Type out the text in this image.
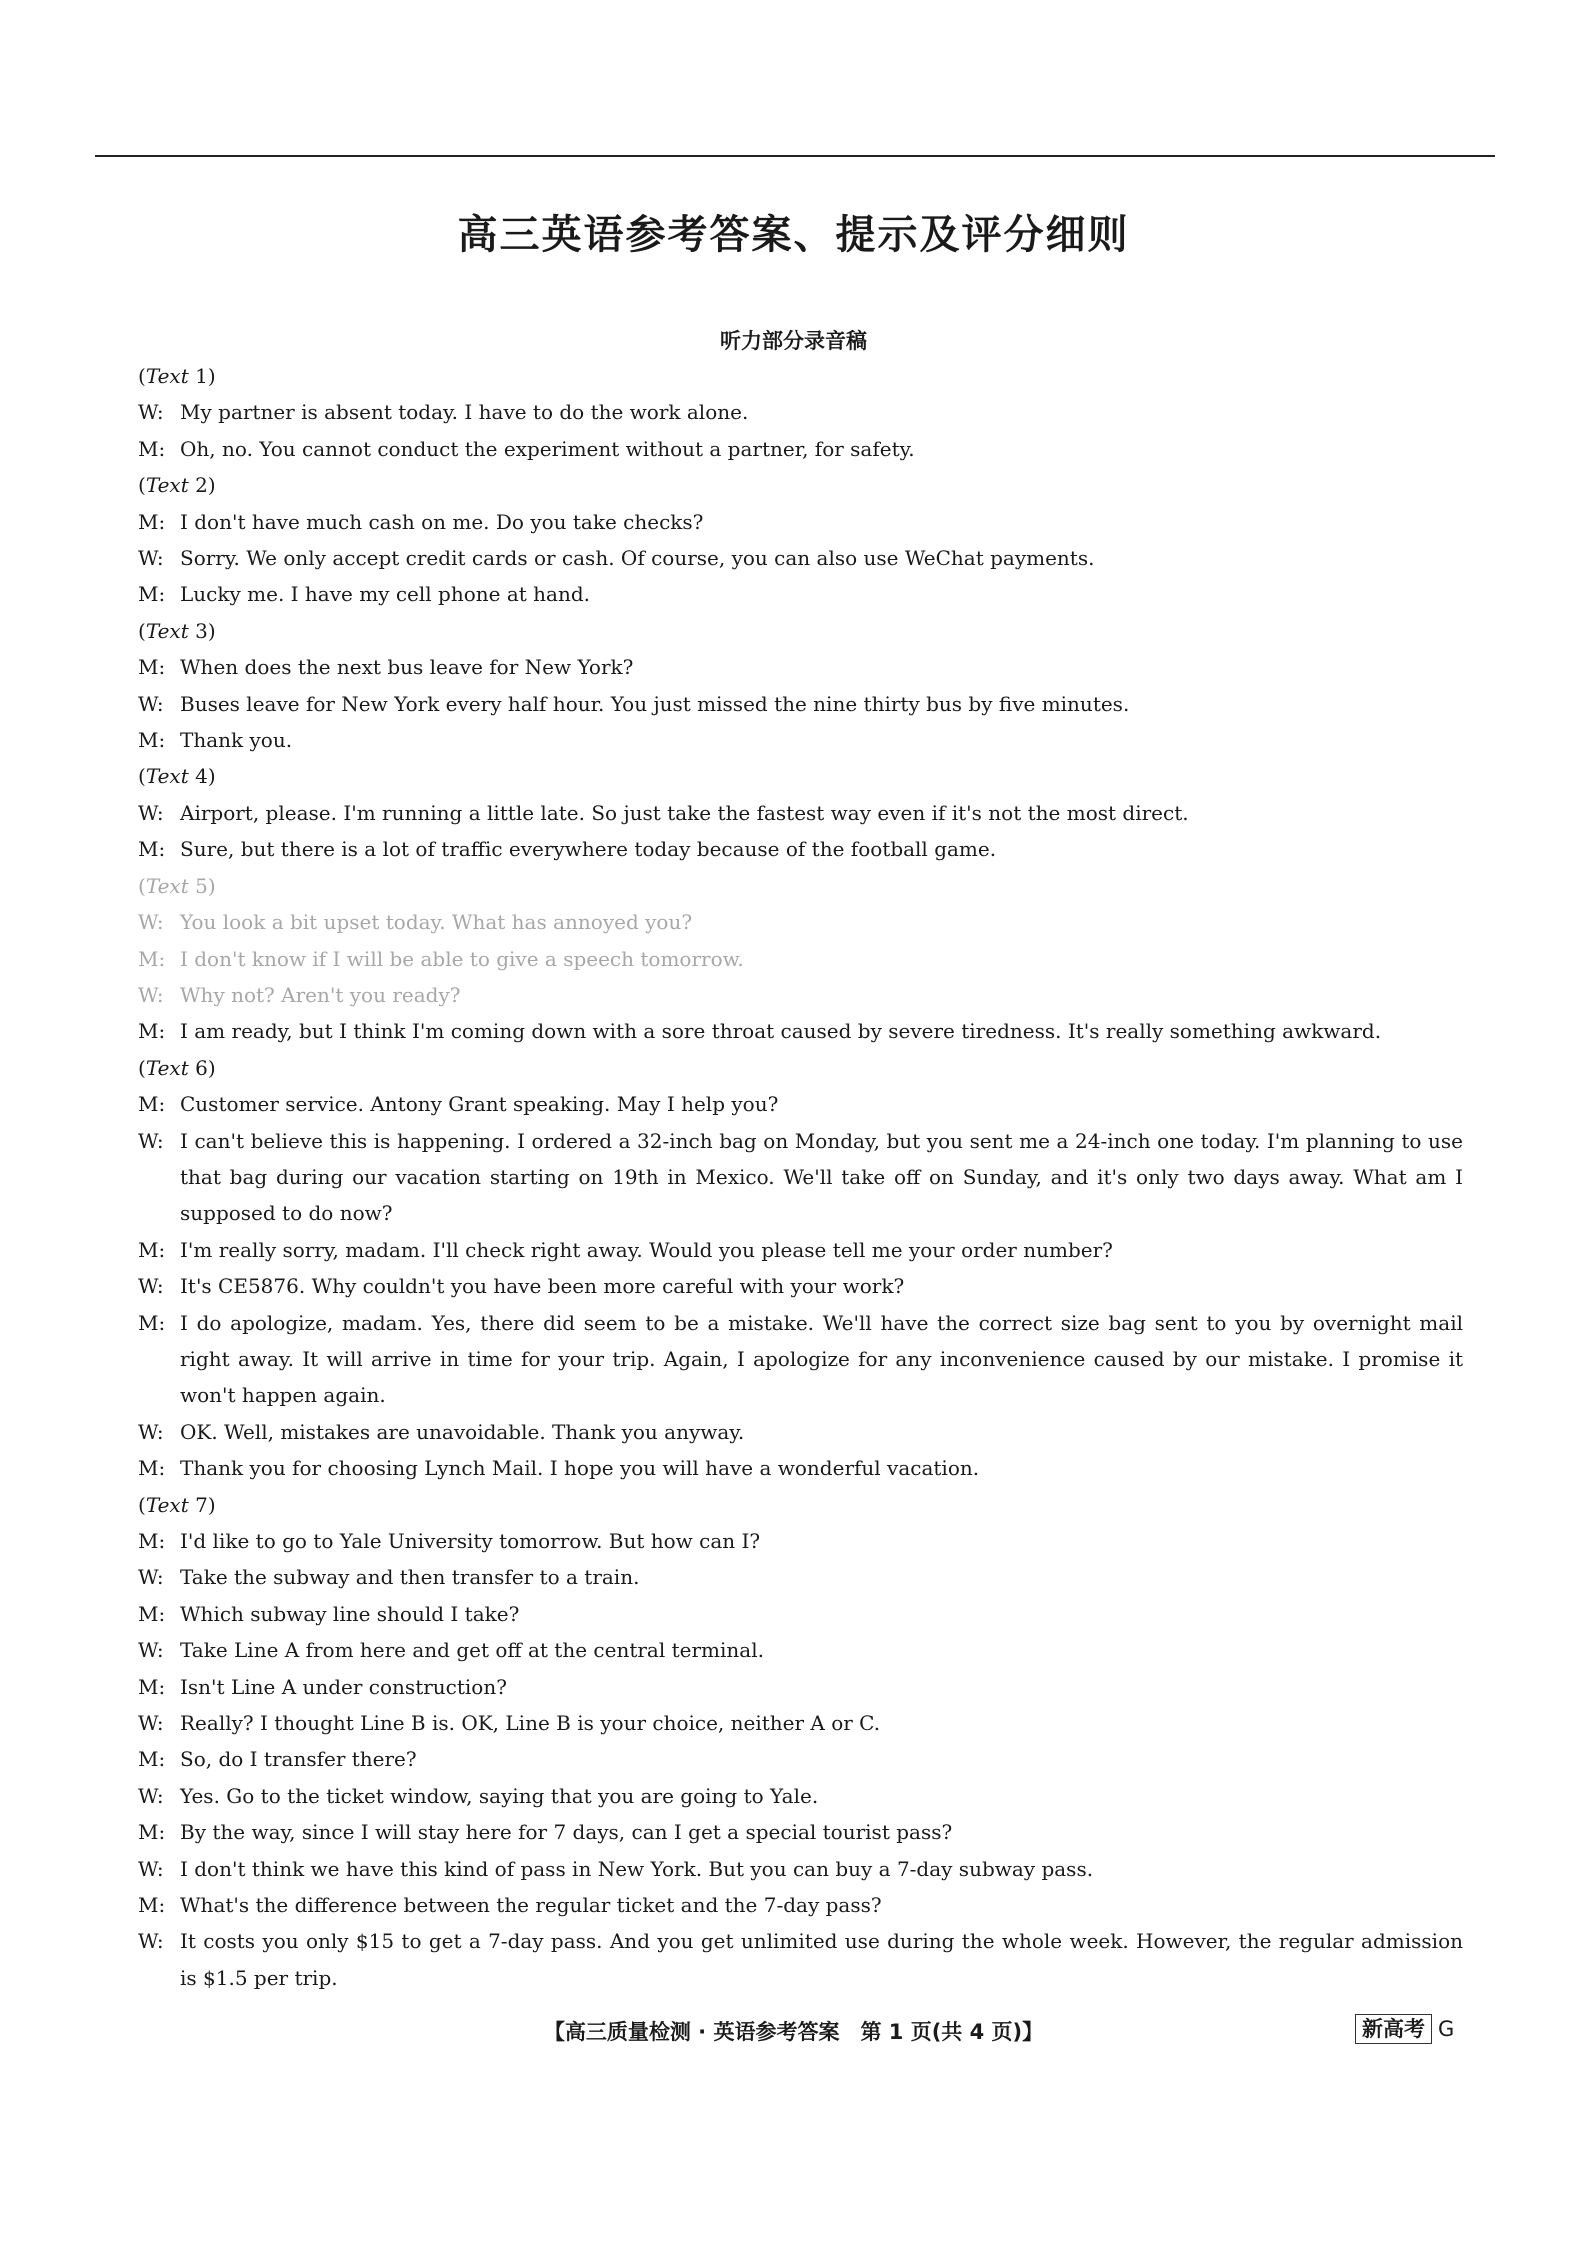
高三英语参考答案、提示及评分细则
听力部分录音稿
(Text 1)
W: My partner is absent today. I have to do the work alone.
M: Oh, no. You cannot conduct the experiment without a partner, for safety.
(Text 2)
M: I don't have much cash on me. Do you take checks?
W: Sorry. We only accept credit cards or cash. Of course, you can also use WeChat payments.
M: Lucky me. I have my cell phone at hand.
(Text 3)
M: When does the next bus leave for New York?
W: Buses leave for New York every half hour. You just missed the nine thirty bus by five minutes.
M: Thank you.
(Text 4)
W: Airport, please. I'm running a little late. So just take the fastest way even if it's not the most direct.
M: Sure, but there is a lot of traffic everywhere today because of the football game.
(Text 5)
W: You look a bit upset today. What has annoyed you?
M: I don't know if I will be able to give a speech tomorrow.
W: Why not? Aren't you ready?
M: I am ready, but I think I'm coming down with a sore throat caused by severe tiredness. It's really something awkward.
(Text 6)
M: Customer service. Antony Grant speaking. May I help you?
W: I can't believe this is happening. I ordered a 32-inch bag on Monday, but you sent me a 24-inch one today. I'm planning to use that bag during our vacation starting on 19th in Mexico. We'll take off on Sunday, and it's only two days away. What am I supposed to do now?
M: I'm really sorry, madam. I'll check right away. Would you please tell me your order number?
W: It's CE5876. Why couldn't you have been more careful with your work?
M: I do apologize, madam. Yes, there did seem to be a mistake. We'll have the correct size bag sent to you by overnight mail right away. It will arrive in time for your trip. Again, I apologize for any inconvenience caused by our mistake. I promise it won't happen again.
W: OK. Well, mistakes are unavoidable. Thank you anyway.
M: Thank you for choosing Lynch Mail. I hope you will have a wonderful vacation.
(Text 7)
M: I'd like to go to Yale University tomorrow. But how can I?
W: Take the subway and then transfer to a train.
M: Which subway line should I take?
W: Take Line A from here and get off at the central terminal.
M: Isn't Line A under construction?
W: Really? I thought Line B is. OK, Line B is your choice, neither A or C.
M: So, do I transfer there?
W: Yes. Go to the ticket window, saying that you are going to Yale.
M: By the way, since I will stay here for 7 days, can I get a special tourist pass?
W: I don't think we have this kind of pass in New York. But you can buy a 7-day subway pass.
M: What's the difference between the regular ticket and the 7-day pass?
W: It costs you only $15 to get a 7-day pass. And you get unlimited use during the whole week. However, the regular admission is $1.5 per trip.
【高三质量检测 · 英语参考答案　第 1 页(共 4 页)】	新高考 G
